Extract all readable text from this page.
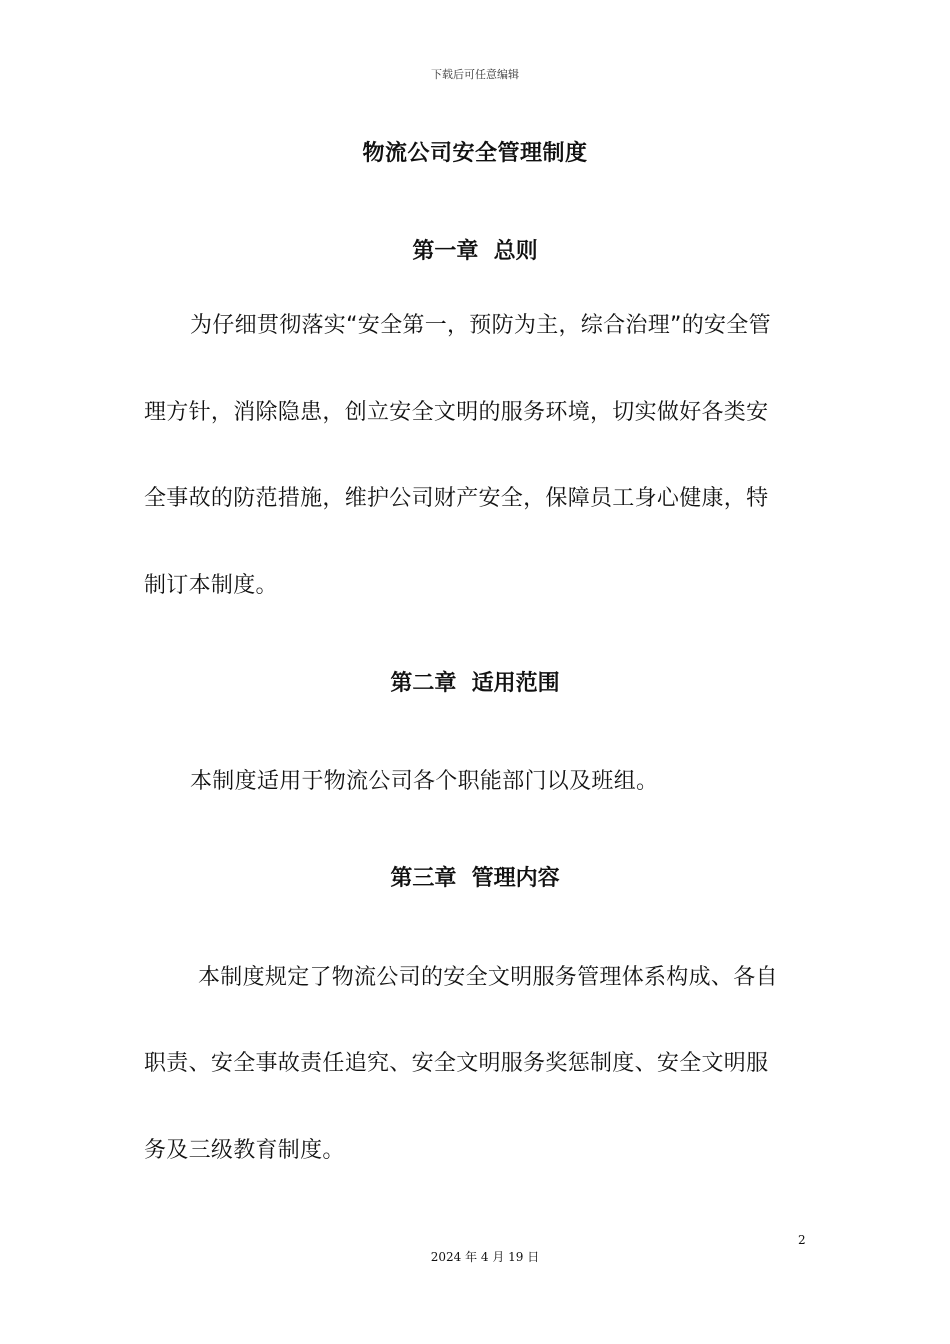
下载后可任意编辑
物流公司安全管理制度
第一章  总则
为仔细贯彻落实“安全第一，预防为主，综合治理”的安全管
理方针，消除隐患，创立安全文明的服务环境，切实做好各类安
全事故的防范措施，维护公司财产安全，保障员工身心健康，特
制订本制度。
第二章  适用范围
本制度适用于物流公司各个职能部门以及班组。
第三章  管理内容
本制度规定了物流公司的安全文明服务管理体系构成、各自
职责、安全事故责任追究、安全文明服务奖惩制度、安全文明服
务及三级教育制度。
2
2024 年 4 月 19 日
